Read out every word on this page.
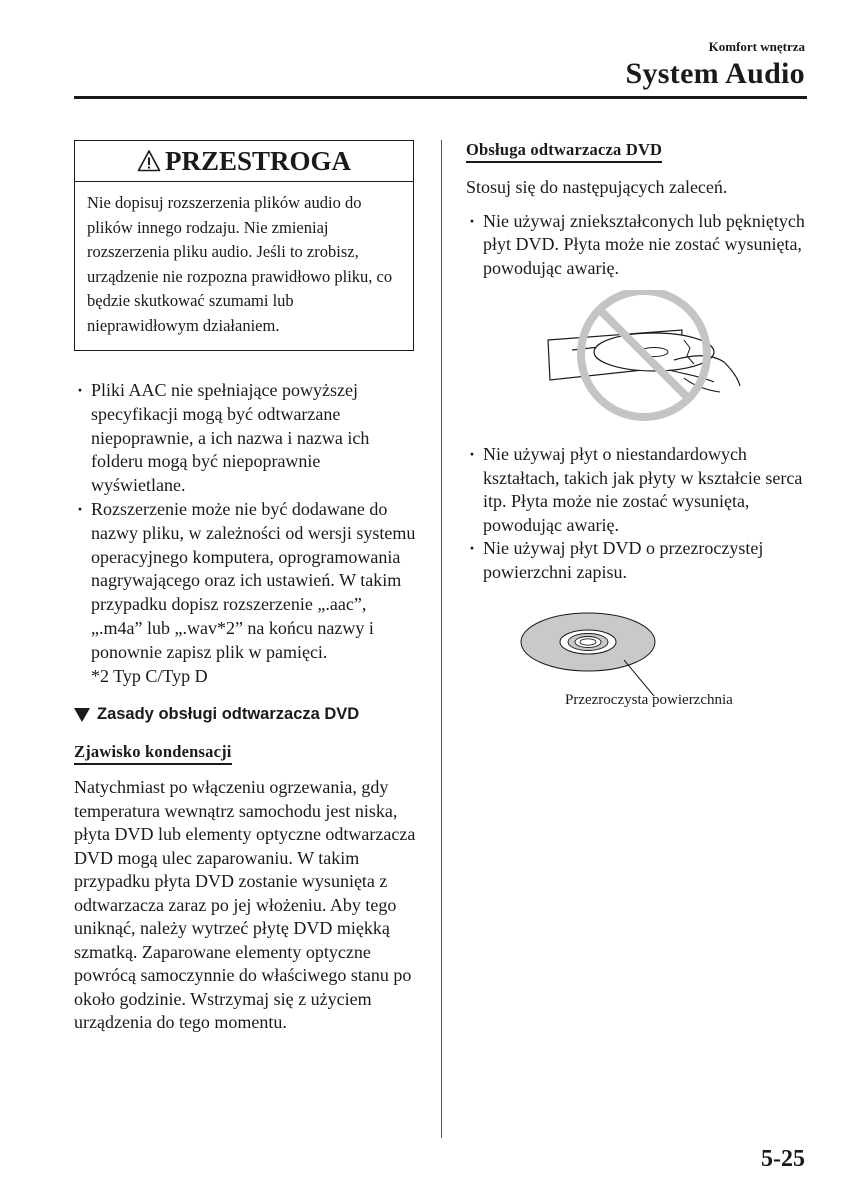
Komfort wnętrza
System Audio
PRZESTROGA
Nie dopisuj rozszerzenia plików audio do plików innego rodzaju. Nie zmieniaj rozszerzenia pliku audio. Jeśli to zrobisz, urządzenie nie rozpozna prawidłowo pliku, co będzie skutkować szumami lub nieprawidłowym działaniem.
· Pliki AAC nie spełniające powyższej specyfikacji mogą być odtwarzane niepoprawnie, a ich nazwa i nazwa ich folderu mogą być niepoprawnie wyświetlane.
· Rozszerzenie może nie być dodawane do nazwy pliku, w zależności od wersji systemu operacyjnego komputera, oprogramowania nagrywającego oraz ich ustawień. W takim przypadku dopisz rozszerzenie „.aac”, „.m4a” lub „.wav*2” na końcu nazwy i ponownie zapisz plik w pamięci.
*2 Typ C/Typ D
Zasady obsługi odtwarzacza DVD
Zjawisko kondensacji

Natychmiast po włączeniu ogrzewania, gdy temperatura wewnątrz samochodu jest niska, płyta DVD lub elementy optyczne odtwarzacza DVD mogą ulec zaparowaniu. W takim przypadku płyta DVD zostanie wysunięta z odtwarzacza zaraz po jej włożeniu. Aby tego uniknąć, należy wytrzeć płytę DVD miękką szmatką. Zaparowane elementy optyczne powrócą samoczynnie do właściwego stanu po około godzinie. Wstrzymaj się z użyciem urządzenia do tego momentu.

Obsługa odtwarzacza DVD

Stosuj się do następujących zaleceń.

· Nie używaj zniekształconych lub pękniętych płyt DVD. Płyta może nie zostać wysunięta, powodując awarię.
· Nie używaj płyt o niestandardowych kształtach, takich jak płyty w kształcie serca itp. Płyta może nie zostać wysunięta, powodując awarię.
· Nie używaj płyt DVD o przezroczystej powierzchni zapisu.
Przezroczysta powierzchnia
5-25
